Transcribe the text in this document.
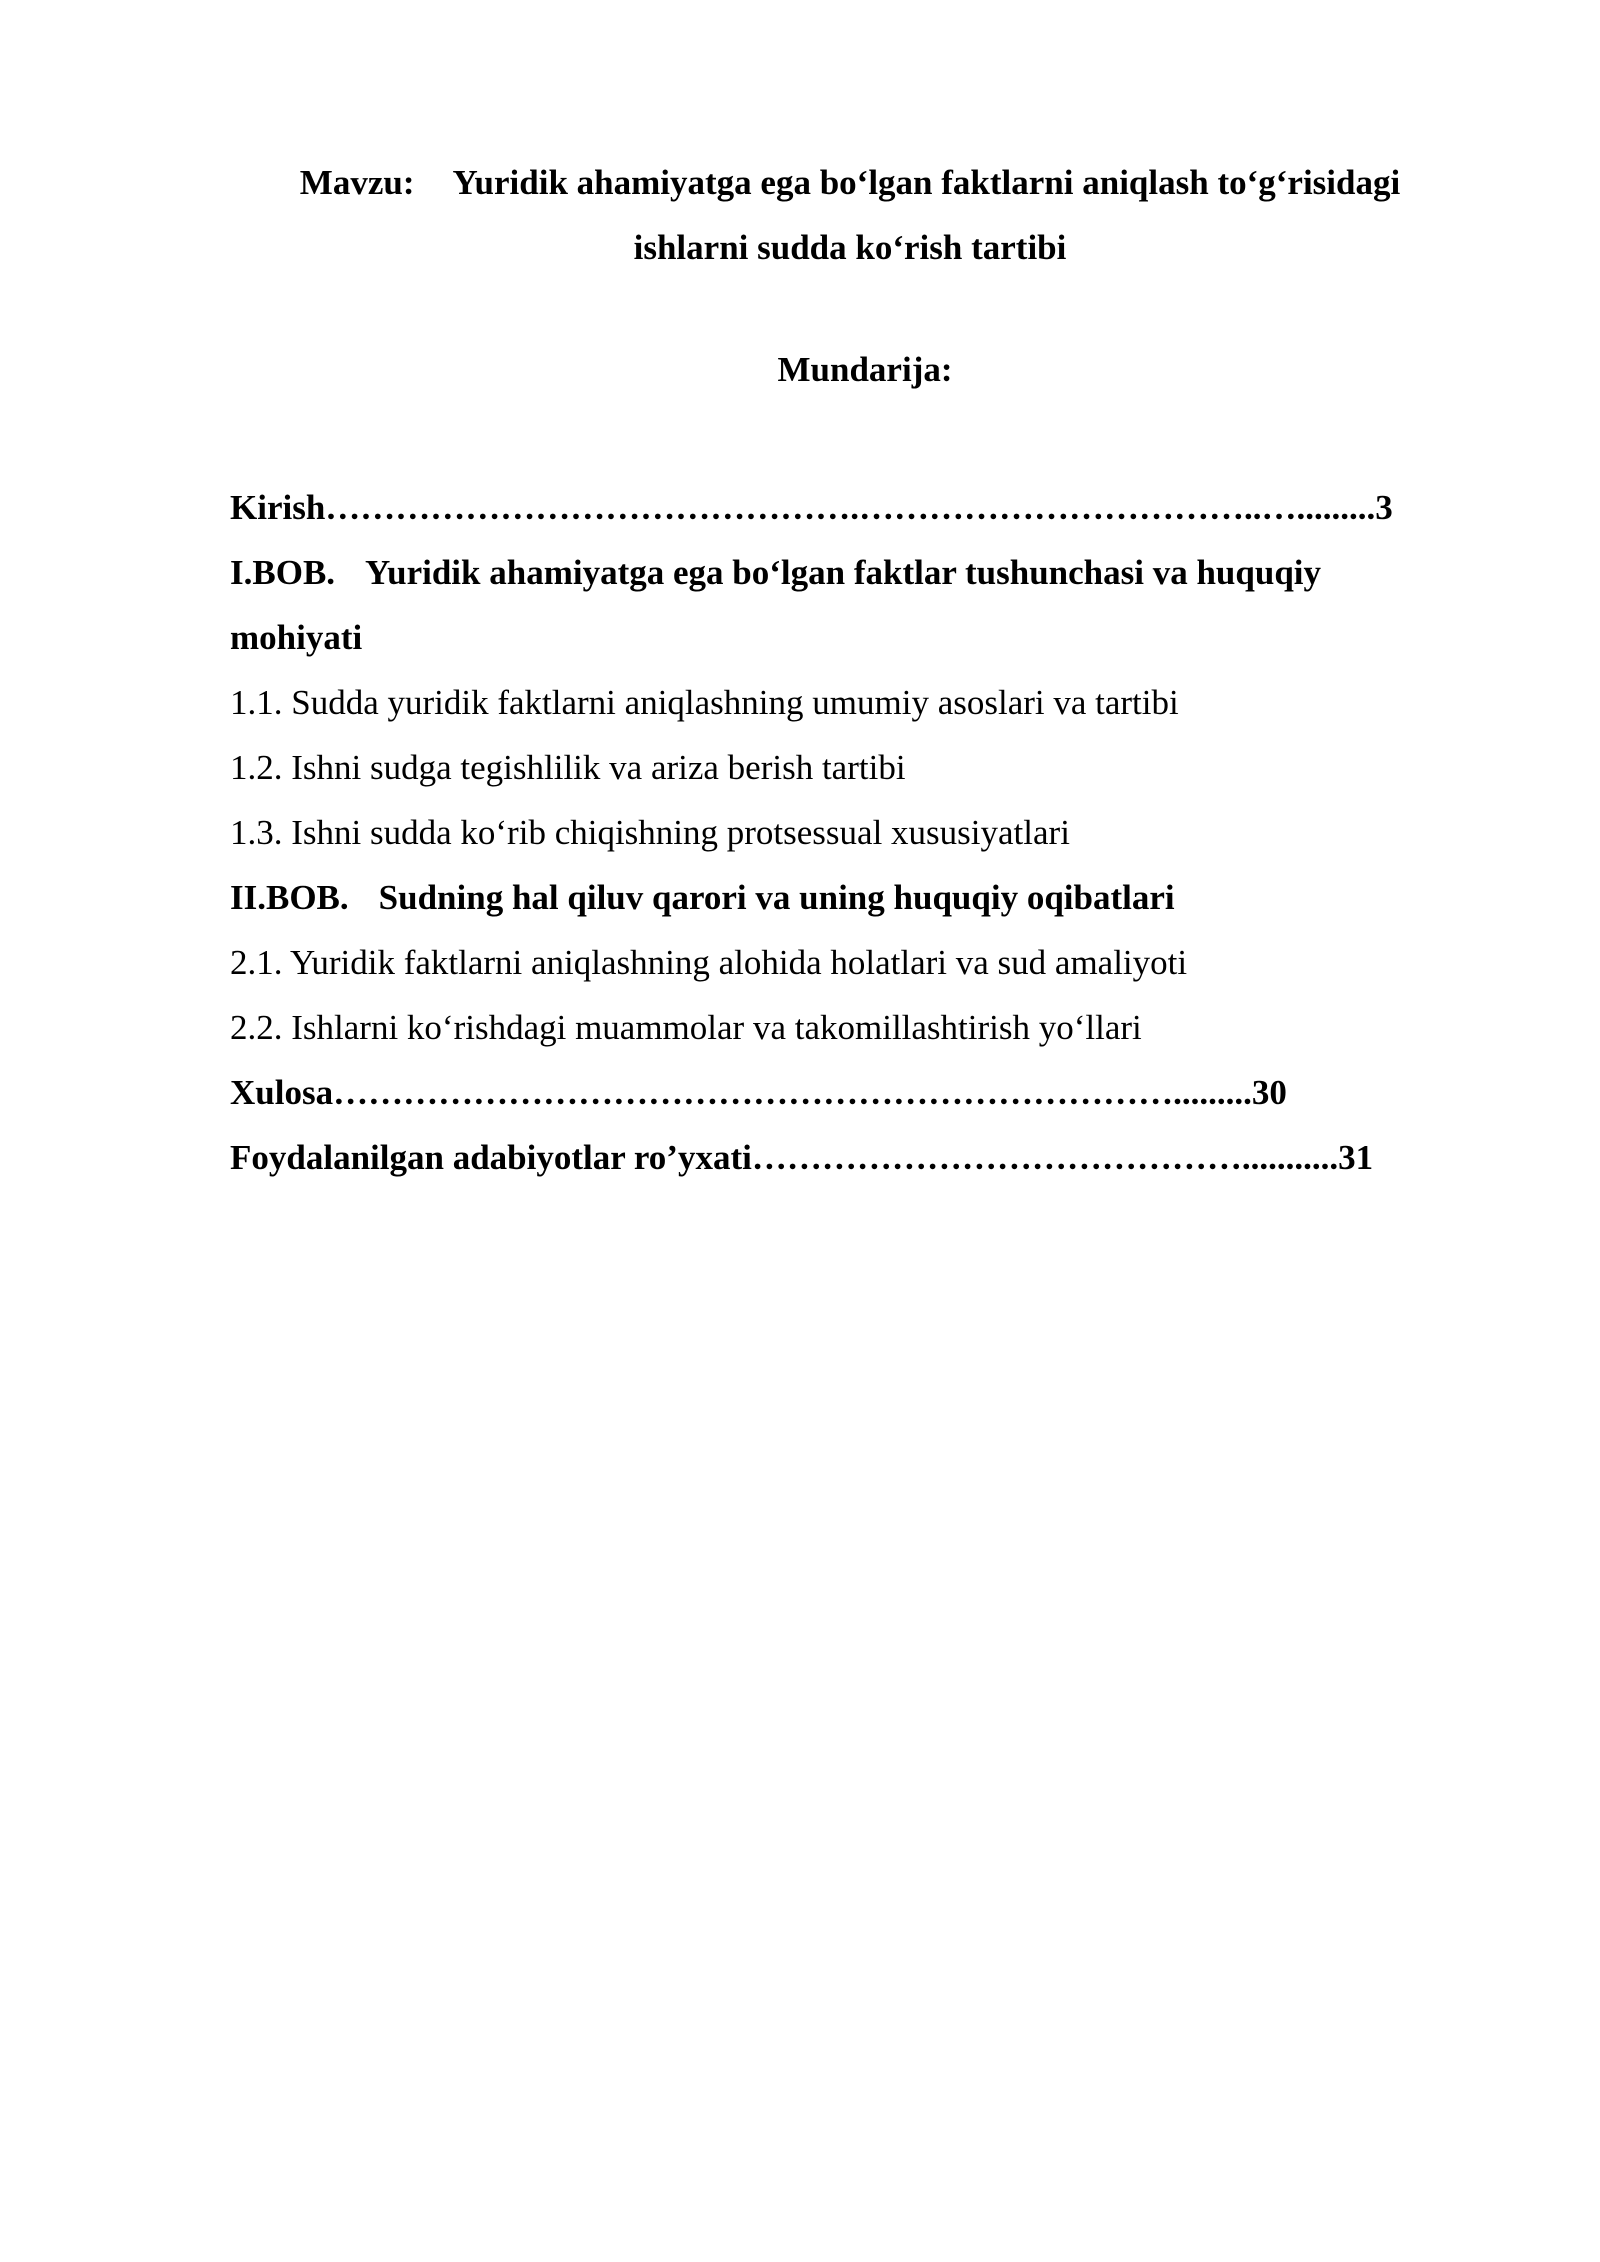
Mavzu: Yuridik ahamiyatga ega bo‘lgan faktlarni aniqlash to‘g‘risidagi
ishlarni sudda ko‘rish tartibi
Mundarija:
Kirish……………………………………….……………………………..….........3
I.BOB. Yuridik ahamiyatga ega bo‘lgan faktlar tushunchasi va huquqiy
mohiyati
1.1. Sudda yuridik faktlarni aniqlashning umumiy asoslari va tartibi
1.2. Ishni sudga tegishlilik va ariza berish tartibi
1.3. Ishni sudda ko‘rib chiqishning protsessual xususiyatlari
II.BOB. Sudning hal qiluv qarori va uning huquqiy oqibatlari
2.1. Yuridik faktlarni aniqlashning alohida holatlari va sud amaliyoti
2.2. Ishlarni ko‘rishdagi muammolar va takomillashtirish yo‘llari
Xulosa……………………………………………………………….........30
Foydalanilgan adabiyotlar ro’yxati……………………………………...........31
